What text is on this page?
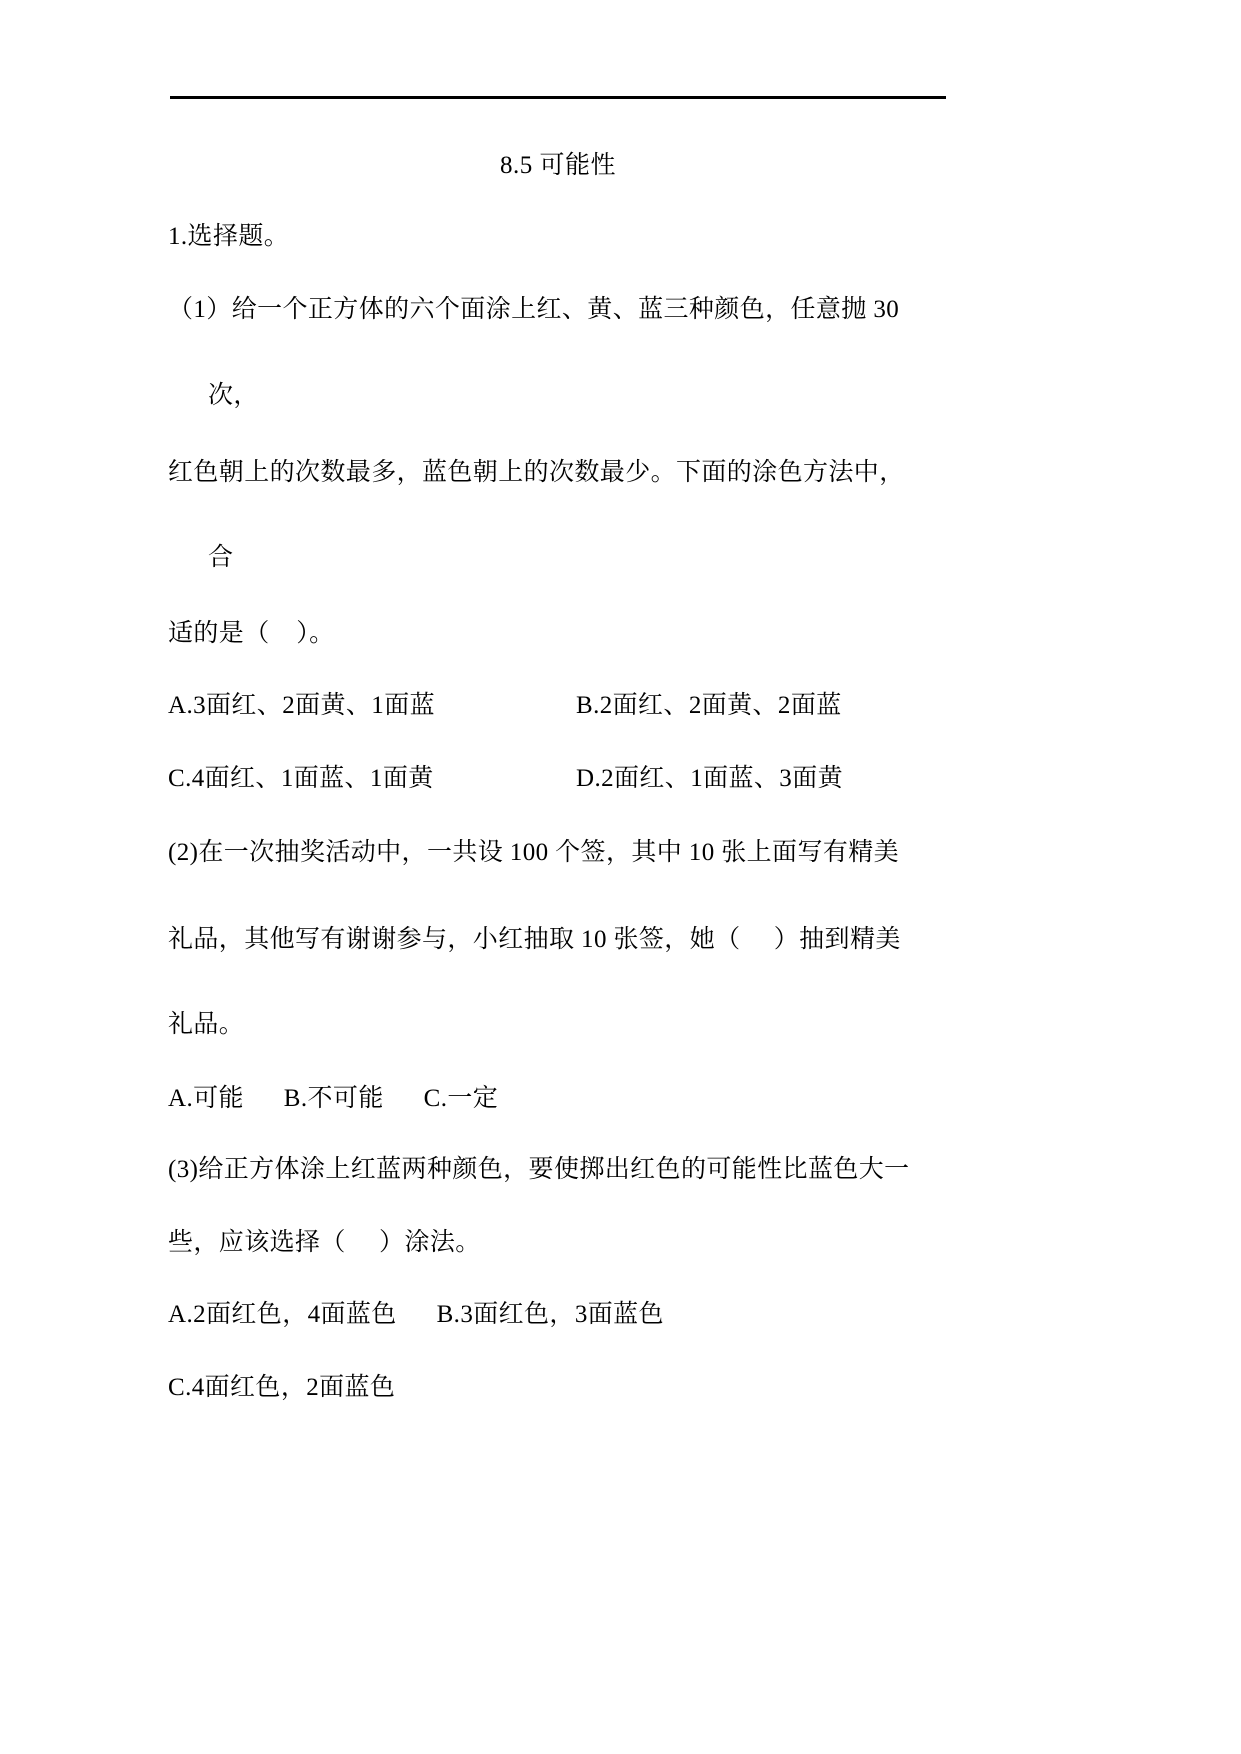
8.5 可能性
1.选择题。
（1）给一个正方体的六个面涂上红、黄、蓝三种颜色，任意抛 30
次，
红色朝上的次数最多，蓝色朝上的次数最少。下面的涂色方法中，
合
适的是（    ）。
A.3面红、2面黄、1面蓝	B.2面红、2面黄、2面蓝
C.4面红、1面蓝、1面黄	D.2面红、1面蓝、3面黄
(2)在一次抽奖活动中，一共设 100 个签，其中 10 张上面写有精美
礼品，其他写有谢谢参与，小红抽取 10 张签，她（     ）抽到精美
礼品。
A.可能      B.不可能      C.一定
(3)给正方体涂上红蓝两种颜色，要使掷出红色的可能性比蓝色大一
些，应该选择（     ）涂法。
A.2面红色，4面蓝色      B.3面红色，3面蓝色
C.4面红色，2面蓝色
